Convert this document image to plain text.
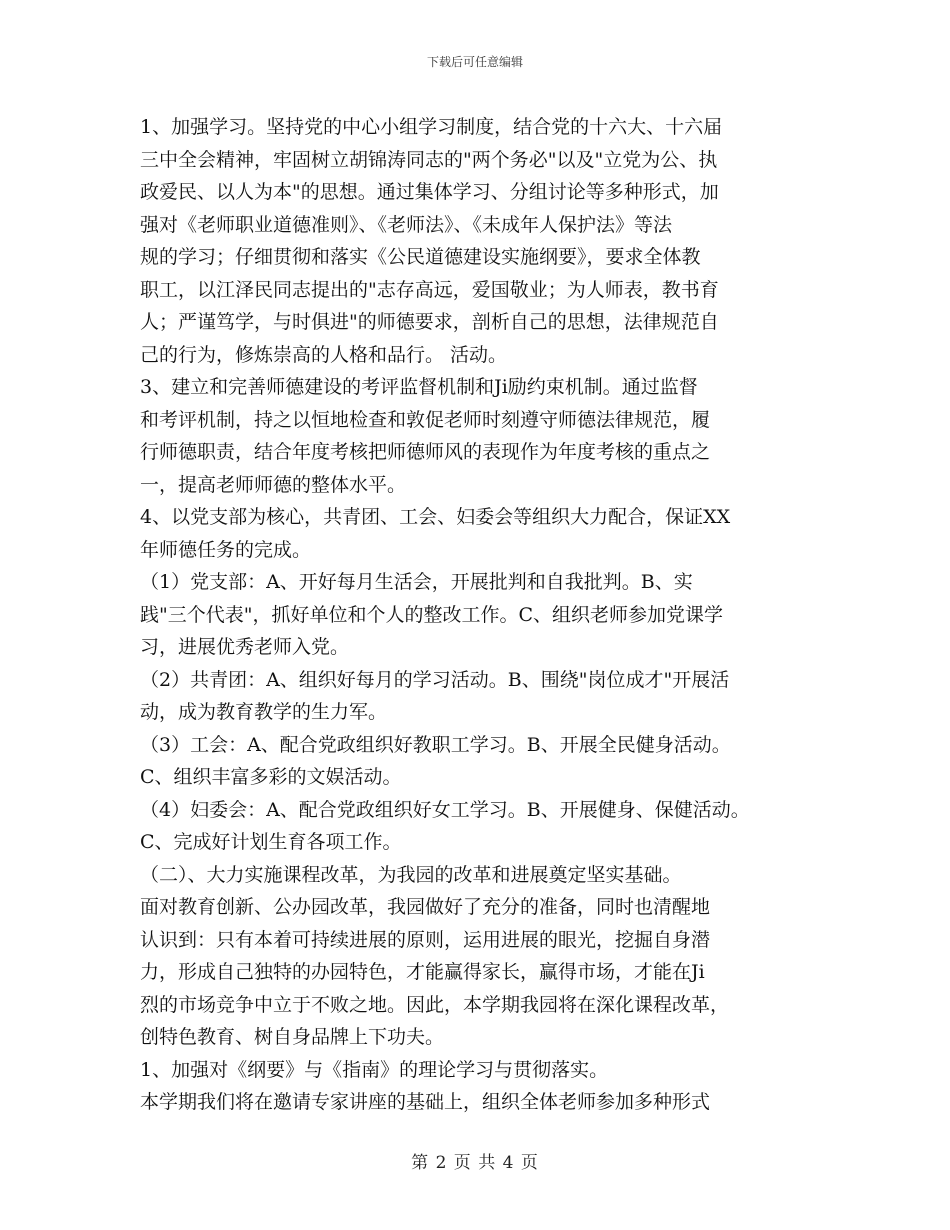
下载后可任意编辑

1、加强学习。坚持党的中心小组学习制度，结合党的十六大、十六届
三中全会精神，牢固树立胡锦涛同志的"两个务必"以及"立党为公、执
政爱民、以人为本"的思想。通过集体学习、分组讨论等多种形式，加
强对《老师职业道德准则》、《老师法》、《未成年人保护法》等法
规的学习；仔细贯彻和落实《公民道德建设实施纲要》，要求全体教
职工，以江泽民同志提出的"志存高远，爱国敬业；为人师表，教书育
人；严谨笃学，与时俱进"的师德要求，剖析自己的思想，法律规范自
己的行为，修炼崇高的人格和品行。 活动。

3、建立和完善师德建设的考评监督机制和Ji励约束机制。通过监督
和考评机制，持之以恒地检查和敦促老师时刻遵守师德法律规范，履
行师德职责，结合年度考核把师德师风的表现作为年度考核的重点之
一，提高老师师德的整体水平。

4、以党支部为核心，共青团、工会、妇委会等组织大力配合，保证XX
年师德任务的完成。

（1）党支部：A、开好每月生活会，开展批判和自我批判。B、实
践"三个代表"，抓好单位和个人的整改工作。C、组织老师参加党课学
习，进展优秀老师入党。

（2）共青团：A、组织好每月的学习活动。B、围绕"岗位成才"开展活
动，成为教育教学的生力军。

（3）工会：A、配合党政组织好教职工学习。B、开展全民健身活动。
C、组织丰富多彩的文娱活动。

（4）妇委会：A、配合党政组织好女工学习。B、开展健身、保健活动。
C、完成好计划生育各项工作。

（二）、大力实施课程改革，为我园的改革和进展奠定坚实基础。

面对教育创新、公办园改革，我园做好了充分的准备，同时也清醒地
认识到：只有本着可持续进展的原则，运用进展的眼光，挖掘自身潜
力，形成自己独特的办园特色，才能赢得家长，赢得市场，才能在Ji
烈的市场竞争中立于不败之地。因此，本学期我园将在深化课程改革，
创特色教育、树自身品牌上下功夫。

1、加强对《纲要》与《指南》的理论学习与贯彻落实。

本学期我们将在邀请专家讲座的基础上，组织全体老师参加多种形式

第 2 页 共 4 页
